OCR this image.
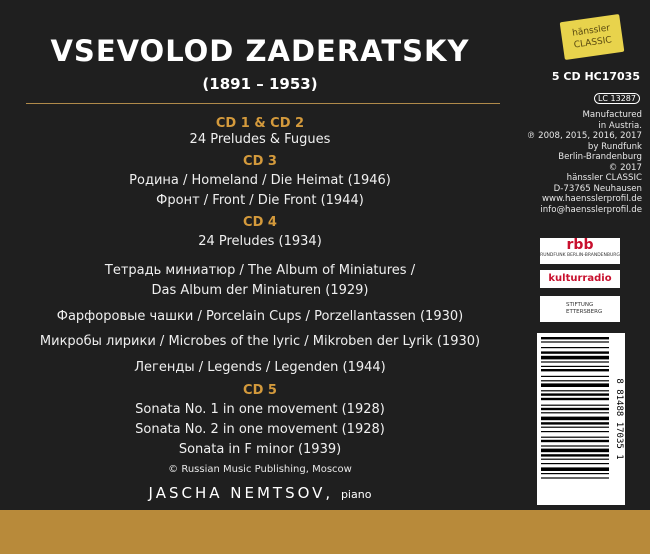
VSEVOLOD ZADERATSKY
(1891 – 1953)
CD 1 & CD 2
24 Preludes & Fugues
CD 3
Родина / Homeland / Die Heimat (1946)
Фронт / Front / Die Front (1944)
CD 4
24 Preludes (1934)
Тетрадь миниатюр / The Album of Miniatures /
Das Album der Miniaturen (1929)
Фарфоровые чашки / Porcelain Cups / Porzellantassen (1930)
Микробы лирики / Microbes of the lyric / Mikroben der Lyrik (1930)
Легенды / Legends / Legenden (1944)
CD 5
Sonata No. 1 in one movement (1928)
Sonata No. 2 in one movement (1928)
Sonata in F minor (1939)
© Russian Music Publishing, Moscow
JASCHA NEMTSOV, piano
hänssler
CLASSIC
5 CD HC17035
LC 13287
Manufactured
in Austria.
℗ 2008, 2015, 2016, 2017
by Rundfunk
Berlin-Brandenburg
© 2017
hänssler CLASSIC
D-73765 Neuhausen
www.haensslerprofil.de
info@haensslerprofil.de
rbb
RUNDFUNK BERLIN-BRANDENBURG
kulturradio
STIFTUNG
ETTERSBERG
8 81488 17035 1
